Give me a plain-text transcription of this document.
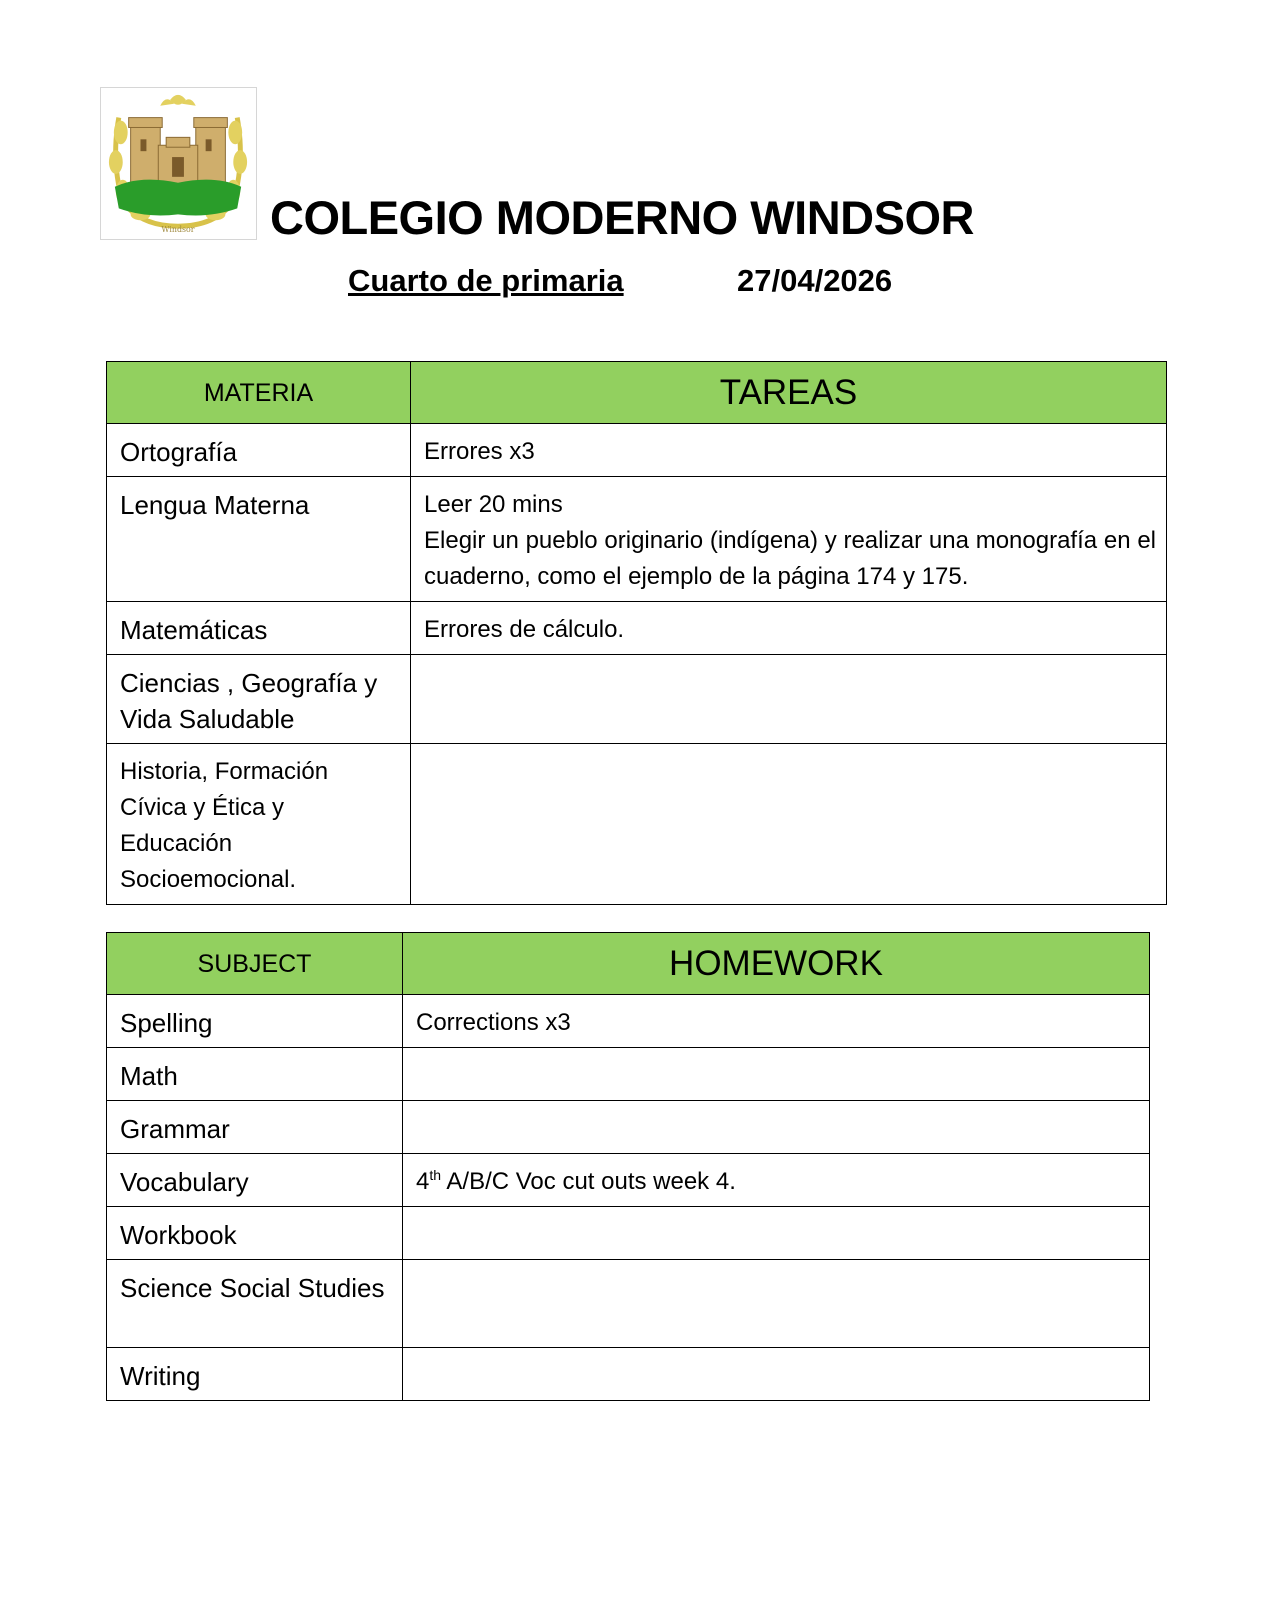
Windsor COLEGIO MODERNO WINDSOR
Cuarto de primaria	27/04/2026
MATERIA	TAREAS
Ortografía	Errores x3
Lengua Materna	Leer 20 mins
Elegir un pueblo originario (indígena) y realizar una monografía en el cuaderno, como el ejemplo de la página 174 y 175.

Matemáticas	Errores de cálculo.
Ciencias , Geografía y Vida Saludable	
Historia, Formación Cívica y Ética y Educación Socioemocional.	
SUBJECT	HOMEWORK
Spelling	Corrections x3
Math	
Grammar	
Vocabulary	4th A/B/C Voc cut outs week 4.
Workbook	
Science Social Studies	
Writing	
